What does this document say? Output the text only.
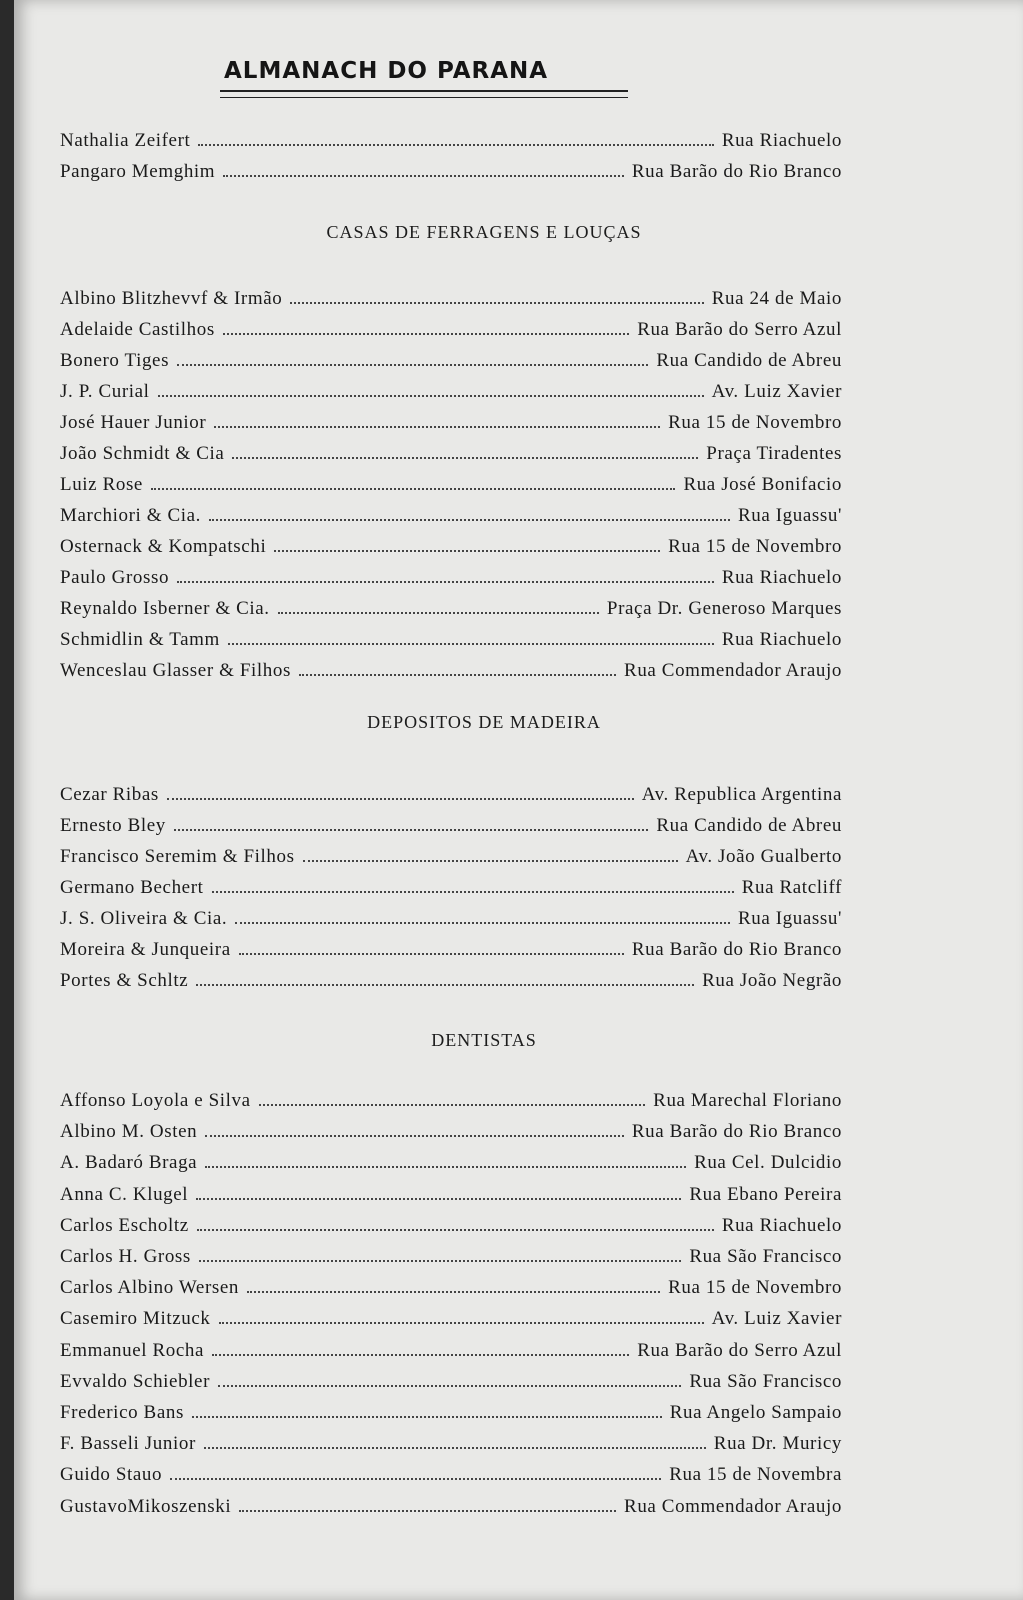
ALMANACH DO PARANA
Nathalia Zeifert	Rua Riachuelo
Pangaro Memghim	Rua Barão do Rio Branco
CASAS DE FERRAGENS E LOUÇAS
Albino Blitzhevvf & Irmão	Rua 24 de Maio
Adelaide Castilhos	Rua Barão do Serro Azul
Bonero Tiges	Rua Candido de Abreu
J. P. Curial	Av. Luiz Xavier
José Hauer Junior	Rua 15 de Novembro
João Schmidt & Cia	Praça Tiradentes
Luiz Rose	Rua José Bonifacio
Marchiori & Cia.	Rua Iguassu'
Osternack & Kompatschi	Rua 15 de Novembro
Paulo Grosso	Rua Riachuelo
Reynaldo Isberner & Cia.	Praça Dr. Generoso Marques
Schmidlin & Tamm	Rua Riachuelo
Wenceslau Glasser & Filhos	Rua Commendador Araujo
DEPOSITOS DE MADEIRA
Cezar Ribas	Av. Republica Argentina
Ernesto Bley	Rua Candido de Abreu
Francisco Seremim & Filhos	Av. João Gualberto
Germano Bechert	Rua Ratcliff
J. S. Oliveira & Cia.	Rua Iguassu'
Moreira & Junqueira	Rua Barão do Rio Branco
Portes & Schltz	Rua João Negrão
DENTISTAS
Affonso Loyola e Silva	Rua Marechal Floriano
Albino M. Osten	Rua Barão do Rio Branco
A. Badaró Braga	Rua Cel. Dulcidio
Anna C. Klugel	Rua Ebano Pereira
Carlos Escholtz	Rua Riachuelo
Carlos H. Gross	Rua São Francisco
Carlos Albino Wersen	Rua 15 de Novembro
Casemiro Mitzuck	Av. Luiz Xavier
Emmanuel Rocha	Rua Barão do Serro Azul
Evvaldo Schiebler	Rua São Francisco
Frederico Bans	Rua Angelo Sampaio
F. Basseli Junior	Rua Dr. Muricy
Guido Stauo	Rua 15 de Novembra
GustavoMikoszenski	Rua Commendador Araujo
